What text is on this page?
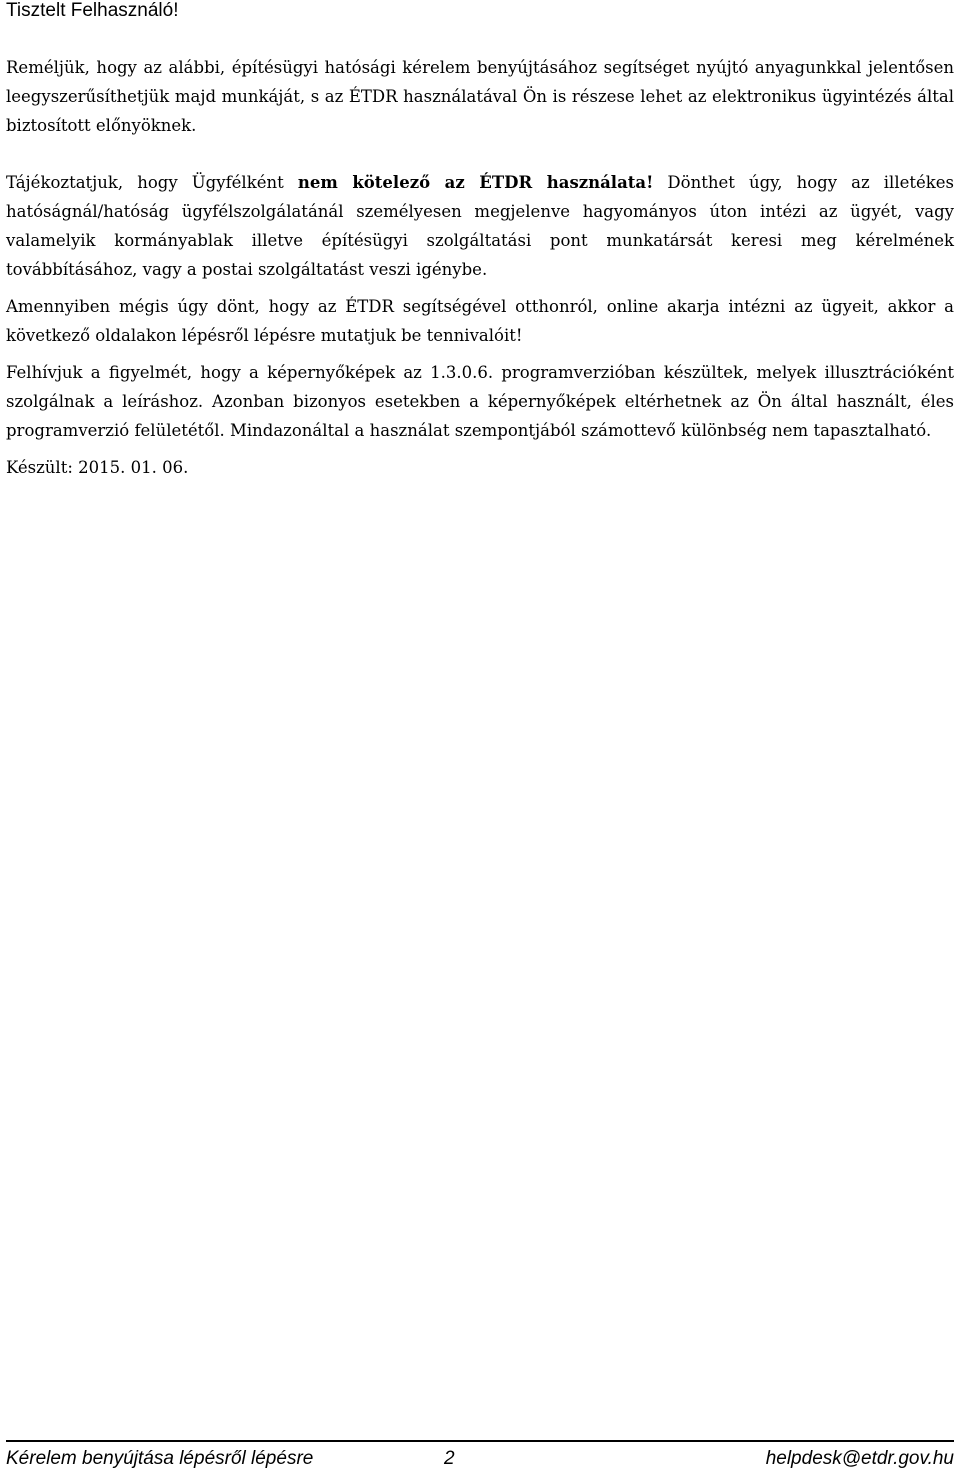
Tisztelt Felhasználó!

Reméljük, hogy az alábbi, építésügyi hatósági kérelem benyújtásához segítséget nyújtó anyagunkkal jelentősen leegyszerűsíthetjük majd munkáját, s az ÉTDR használatával Ön is részese lehet az elektronikus ügyintézés által biztosított előnyöknek.

Tájékoztatjuk, hogy Ügyfélként nem kötelező az ÉTDR használata! Dönthet úgy, hogy az illetékes hatóságnál/hatóság ügyfélszolgálatánál személyesen megjelenve hagyományos úton intézi az ügyét, vagy valamelyik kormányablak illetve építésügyi szolgáltatási pont munkatársát keresi meg kérelmének továbbításához, vagy a postai szolgáltatást veszi igénybe.

Amennyiben mégis úgy dönt, hogy az ÉTDR segítségével otthonról, online akarja intézni az ügyeit, akkor a következő oldalakon lépésről lépésre mutatjuk be tennivalóit!

Felhívjuk a figyelmét, hogy a képernyőképek az 1.3.0.6. programverzióban készültek, melyek illusztrációként szolgálnak a leíráshoz. Azonban bizonyos esetekben a képernyőképek eltérhetnek az Ön által használt, éles programverzió felületétől. Mindazonáltal a használat szempontjából számottevő különbség nem tapasztalható.

Készült: 2015. 01. 06.

Kérelem benyújtása lépésről lépésre	2	helpdesk@etdr.gov.hu
